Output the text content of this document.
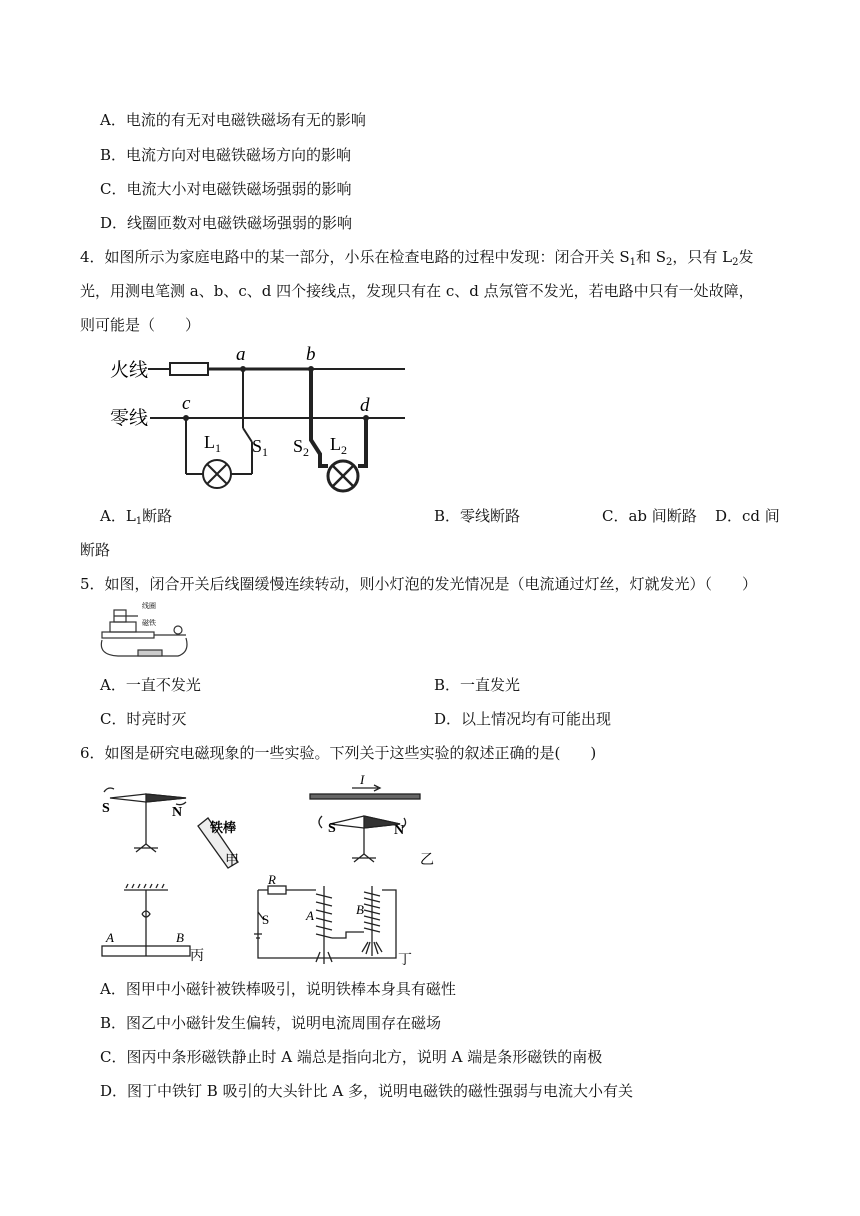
A．电流的有无对电磁铁磁场有无的影响
B．电流方向对电磁铁磁场方向的影响
C．电流大小对电磁铁磁场强弱的影响
D．线圈匝数对电磁铁磁场强弱的影响
4．如图所示为家庭电路中的某一部分，小乐在检查电路的过程中发现：闭合开关 $S_1$和 $S_2$，只有 $L_2$发
光，用测电笔测 a、b、c、d 四个接线点，发现只有在 c、d 点氖管不发光，若电路中只有一处故障，
则可能是（　　）
火线
零线
a	b
c	d
$L_1$ $S_1$ $S_2$ $L_2$
A．$L_1$断路	B．零线断路	C．ab 间断路 D．cd 间
断路
5．如图，闭合开关后线圈缓慢连续转动，则小灯泡的发光情况是（电流通过灯丝，灯就发光）（　　）
线圈
磁铁
A．一直不发光	B．一直发光
C．时亮时灭	D．以上情况均有可能出现
6．如图是研究电磁现象的一些实验。下列关于这些实验的叙述正确的是(　　)
S	N
铁棒
甲
I
S	N
乙
A	B
丙
R
S	A	B
丁
A．图甲中小磁针被铁棒吸引，说明铁棒本身具有磁性
B．图乙中小磁针发生偏转，说明电流周围存在磁场
C．图丙中条形磁铁静止时 A 端总是指向北方，说明 A 端是条形磁铁的南极
D．图丁中铁钉 B 吸引的大头针比 A 多，说明电磁铁的磁性强弱与电流大小有关
